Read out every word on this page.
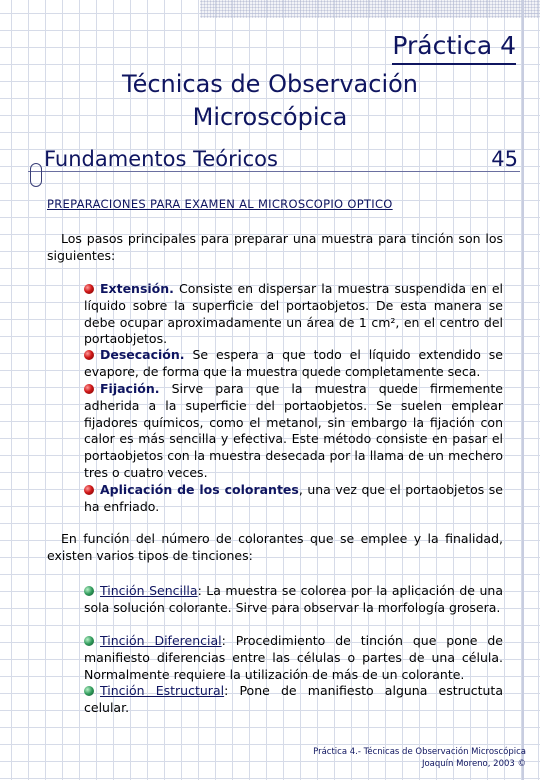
Práctica 4
Técnicas de Observación
Microscópica
Fundamentos Teóricos	45
PREPARACIONES PARA EXAMEN AL MICROSCOPIO OPTICO

Los pasos principales para preparar una muestra para tinción son los siguientes:

Extensión. Consiste en dispersar la muestra suspendida en el líquido sobre la superficie del portaobjetos. De esta manera se debe ocupar aproximadamente un área de 1 cm², en el centro del portaobjetos.

Desecación. Se espera a que todo el líquido extendido se evapore, de forma que la muestra quede completamente seca.

Fijación. Sirve para que la muestra quede firmemente adherida a la superficie del portaobjetos. Se suelen emplear fijadores químicos, como el metanol, sin embargo la fijación con calor es más sencilla y efectiva. Este método consiste en pasar el portaobjetos con la muestra desecada por la llama de un mechero tres o cuatro veces.

Aplicación de los colorantes, una vez que el portaobjetos se ha enfriado.

En función del número de colorantes que se emplee y la finalidad, existen varios tipos de tinciones:

Tinción Sencilla: La muestra se colorea por la aplicación de una sola solución colorante. Sirve para observar la morfología grosera.

Tinción Diferencial: Procedimiento de tinción que pone de manifiesto diferencias entre las células o partes de una célula. Normalmente requiere la utilización de más de un colorante.

Tinción Estructural: Pone de manifiesto alguna estructuta celular.

Práctica 4.- Técnicas de Observación Microscópica
Joaquín Moreno, 2003 ©
